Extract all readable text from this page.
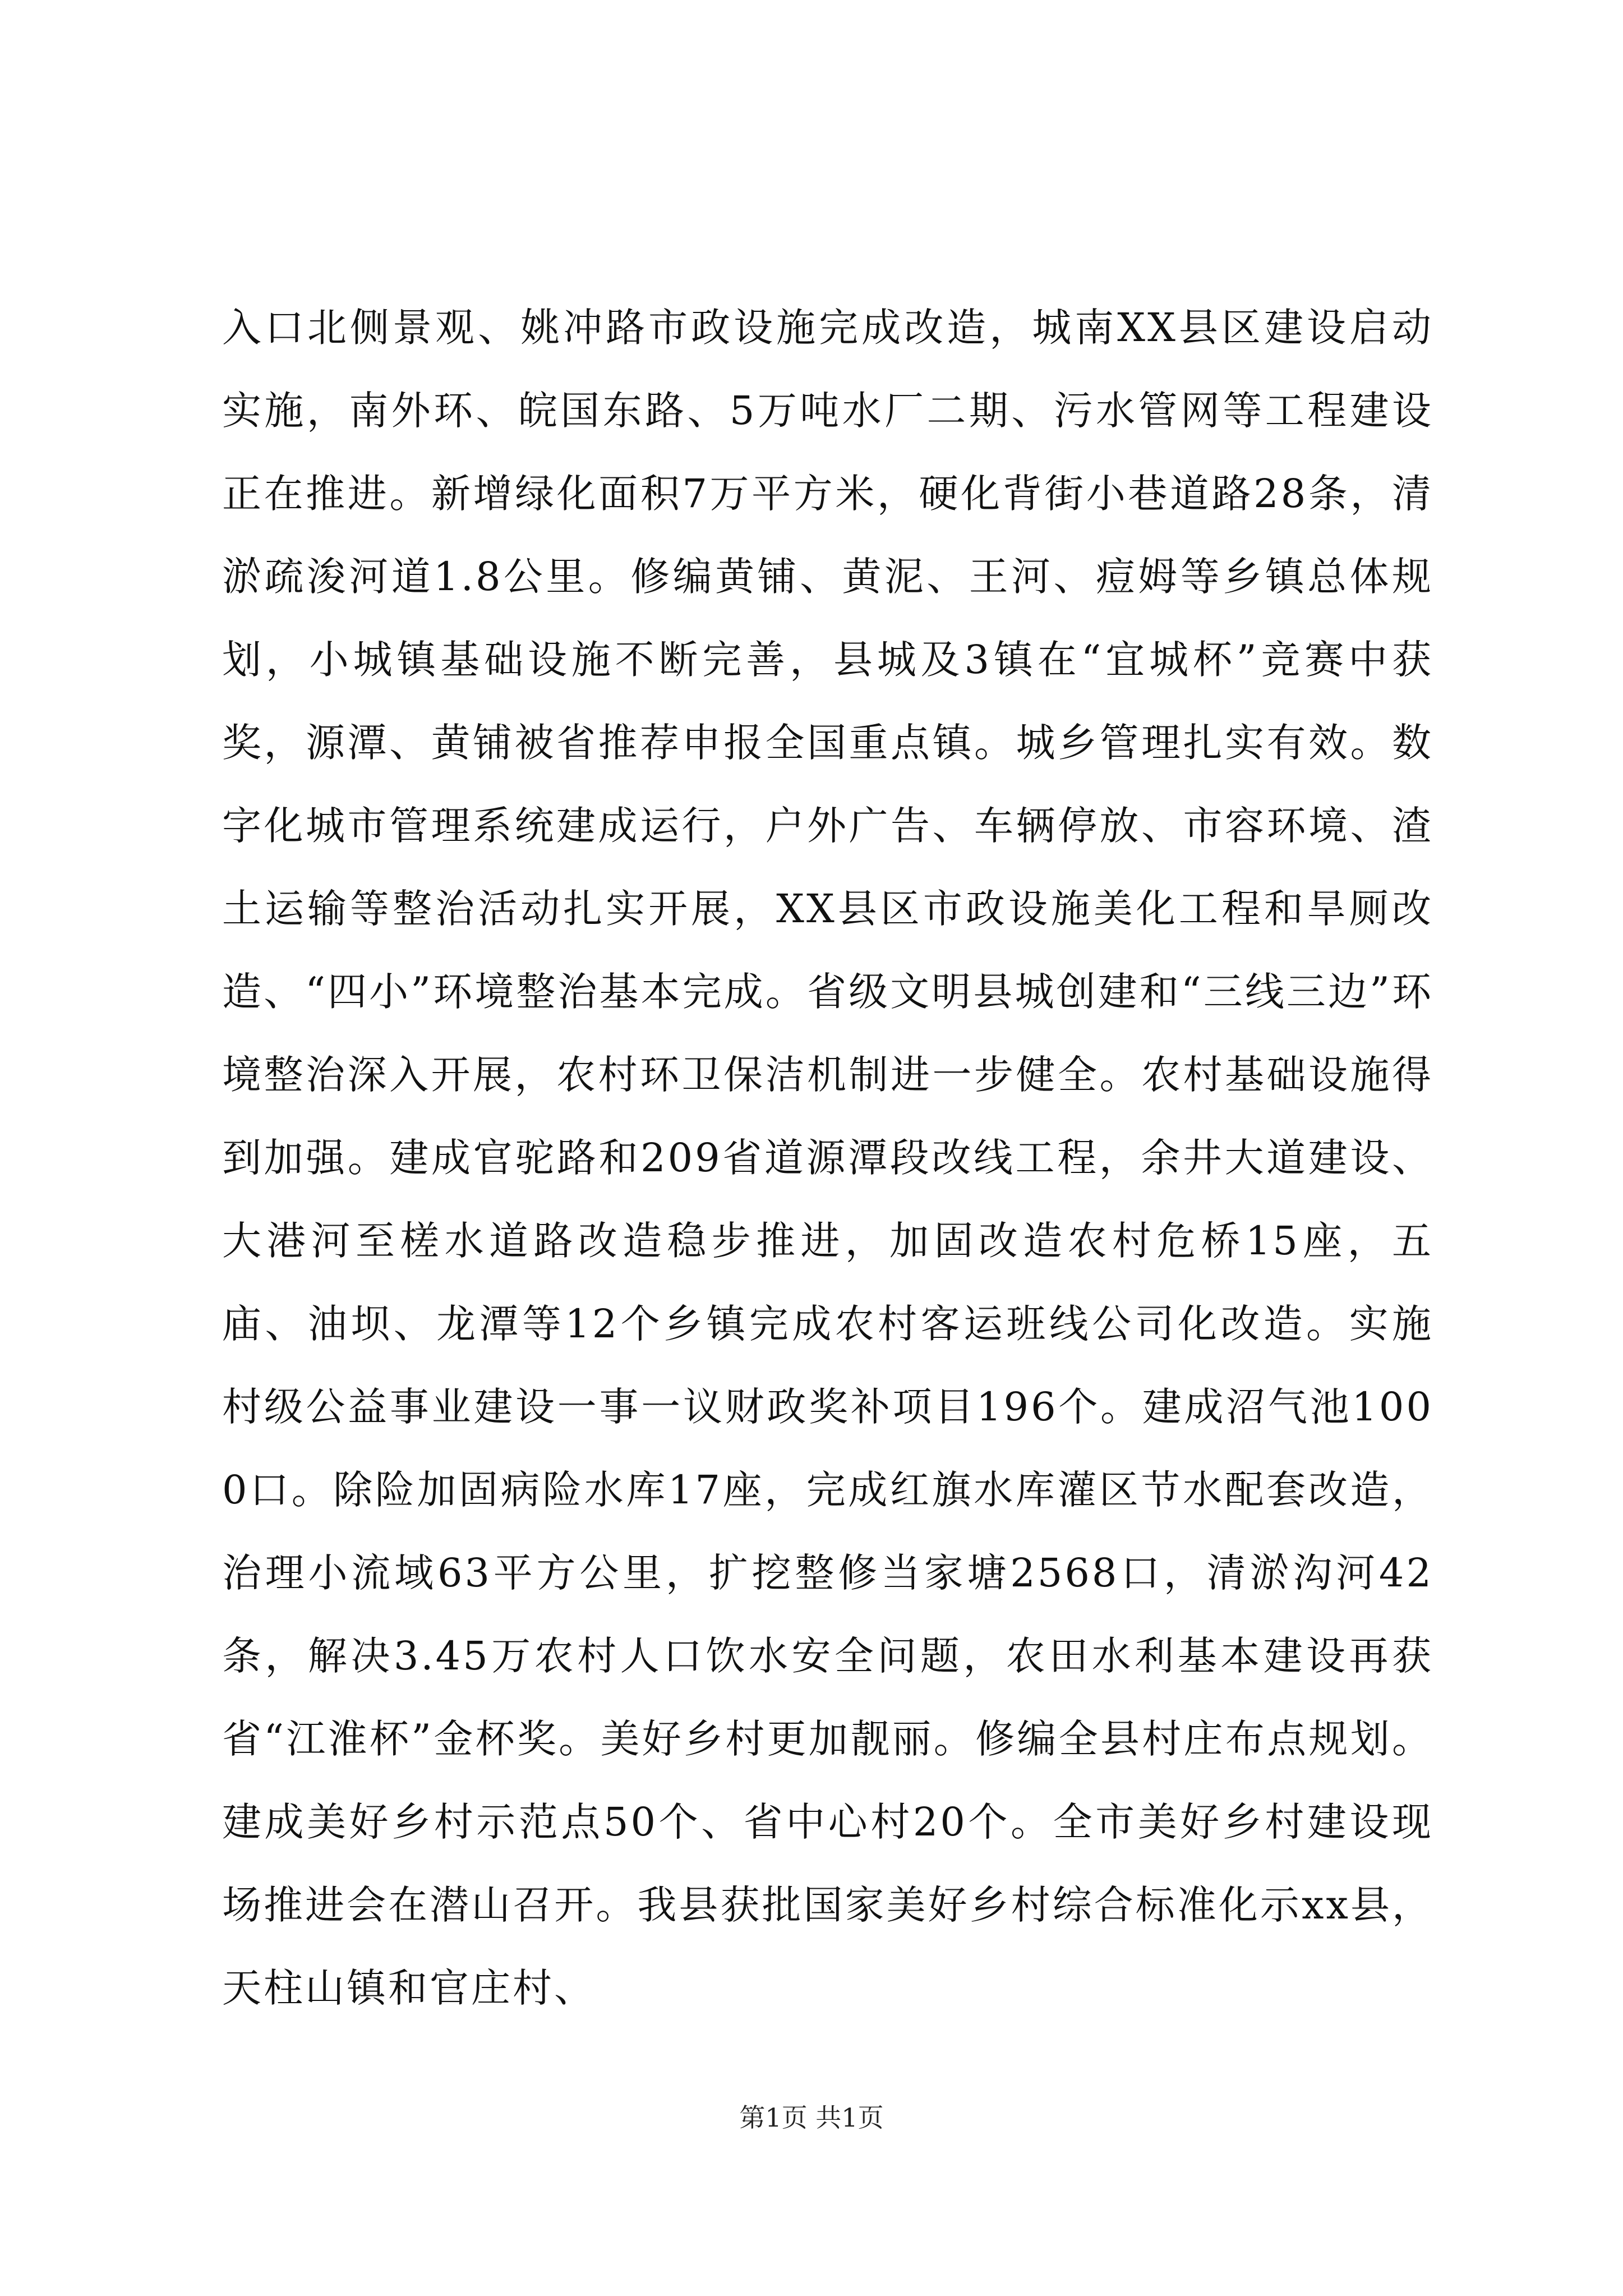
入口北侧景观、姚冲路市政设施完成改造，城南XX县区建设启动实施，南外环、皖国东路、5万吨水厂二期、污水管网等工程建设正在推进。新增绿化面积7万平方米，硬化背街小巷道路28条，清淤疏浚河道1.8公里。修编黄铺、黄泥、王河、痘姆等乡镇总体规划，小城镇基础设施不断完善，县城及3镇在“宜城杯”竞赛中获奖，源潭、黄铺被省推荐申报全国重点镇。城乡管理扎实有效。数字化城市管理系统建成运行，户外广告、车辆停放、市容环境、渣土运输等整治活动扎实开展，XX县区市政设施美化工程和旱厕改造、“四小”环境整治基本完成。省级文明县城创建和“三线三边”环境整治深入开展，农村环卫保洁机制进一步健全。农村基础设施得到加强。建成官驼路和209省道源潭段改线工程，余井大道建设、大港河至槎水道路改造稳步推进，加固改造农村危桥15座，五庙、油坝、龙潭等12个乡镇完成农村客运班线公司化改造。实施村级公益事业建设一事一议财政奖补项目196个。建成沼气池1000口。除险加固病险水库17座，完成红旗水库灌区节水配套改造，治理小流域63平方公里，扩挖整修当家塘2568口，清淤沟河42条，解决3.45万农村人口饮水安全问题，农田水利基本建设再获省“江淮杯”金杯奖。美好乡村更加靓丽。修编全县村庄布点规划。建成美好乡村示范点50个、省中心村20个。全市美好乡村建设现场推进会在潜山召开。我县获批国家美好乡村综合标准化示xx县，天柱山镇和官庄村、

第1页 共1页
